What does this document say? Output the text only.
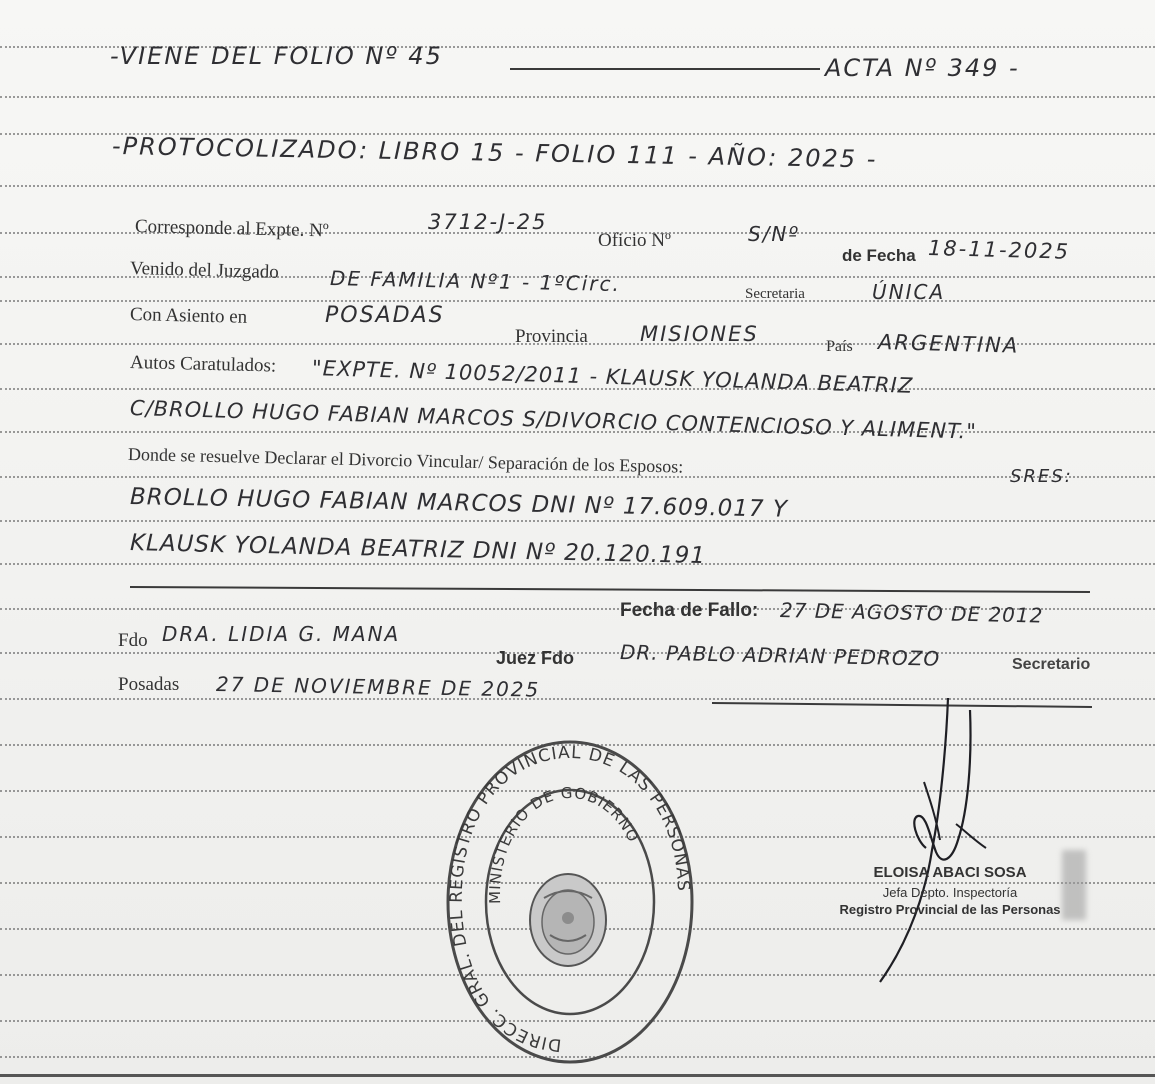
-VIENE DEL FOLIO Nº 45	ACTA Nº 349 -
-PROTOCOLIZADO: LIBRO 15 - FOLIO 111 - AÑO: 2025 -
Corresponde al Expte. Nº	3712-J-25
Oficio Nº	S/Nº
de Fecha 18-11-2025
Venido del Juzgado	DE FAMILIA Nº1 - 1ºCirc.	Secretaria	ÚNICA
Con Asiento en	POSADAS
Provincia MISIONES
País ARGENTINA
Autos Caratulados: "EXPTE. Nº 10052/2011 - KLAUSK YOLANDA BEATRIZ
C/BROLLO HUGO FABIAN MARCOS S/DIVORCIO CONTENCIOSO Y ALIMENT."
Donde se resuelve Declarar el Divorcio Vincular/ Separación de los Esposos:	SRES:
BROLLO HUGO FABIAN MARCOS DNI Nº 17.609.017 Y
KLAUSK YOLANDA BEATRIZ DNI Nº 20.120.191
Fecha de Fallo: 27 DE AGOSTO DE 2012
Fdo DRA. LIDIA G. MANA
Juez Fdo DR. PABLO ADRIAN PEDROZO	Secretario
Posadas 27 DE NOVIEMBRE DE 2025
DIRECC. GRAL. DEL REGISTRO PROVINCIAL DE LAS PERSONAS
MINISTERIO DE GOBIERNO
ELOISA ABACI SOSA
Jefa Depto. Inspectoría
Registro Provincial de las Personas
